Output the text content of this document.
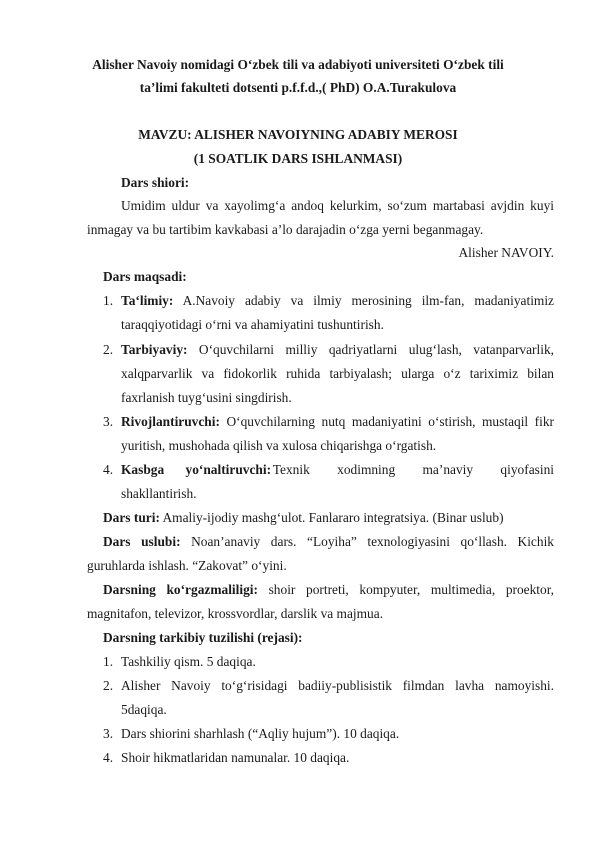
Alisher Navoiy nomidagi O‘zbek tili va adabiyoti universiteti O‘zbek tili
ta’limi fakulteti dotsenti p.f.f.d.,( PhD) O.A.Turakulova
MAVZU: ALISHER NAVOIYNING ADABIY MEROSI
(1 SOATLIK DARS ISHLANMASI)
Dars shiori:
Umidim uldur va xayolimg‘a andoq kelurkim, so‘zum martabasi avjdin kuyi
inmagay va bu tartibim kavkabasi a’lo darajadin o‘zga yerni beganmagay.
Alisher NAVOIY.
Dars maqsadi:
1. Ta‘limiy: A.Navoiy adabiy va ilmiy merosining ilm-fan, madaniyatimiz
taraqqiyotidagi o‘rni va ahamiyatini tushuntirish.
2. Tarbiyaviy: O‘quvchilarni milliy qadriyatlarni ulug‘lash, vatanparvarlik,
xalqparvarlik va fidokorlik ruhida tarbiyalash; ularga o‘z tariximiz bilan
faxrlanish tuyg‘usini singdirish.
3. Rivojlantiruvchi: O‘quvchilarning nutq madaniyatini o‘stirish, mustaqil fikr
yuritish, mushohada qilish va xulosa chiqarishga o‘rgatish.
4. Kasbga yo‘naltiruvchi: Texnik xodimning ma’naviy qiyofasini
shakllantirish.
Dars turi: Amaliy-ijodiy mashg‘ulot. Fanlararo integratsiya. (Binar uslub)
Dars uslubi: Noan’anaviy dars. “Loyiha” texnologiyasini qo‘llash. Kichik
guruhlarda ishlash. “Zakovat” o‘yini.
Darsning ko‘rgazmaliligi: shoir portreti, kompyuter, multimedia, proektor,
magnitafon, televizor, krossvordlar, darslik va majmua.
Darsning tarkibiy tuzilishi (rejasi):
1. Tashkiliy qism. 5 daqiqa.
2. Alisher Navoiy to‘g‘risidagi badiiy-publisistik filmdan lavha namoyishi.
5daqiqa.
3. Dars shiorini sharhlash (“Aqliy hujum”). 10 daqiqa.
4. Shoir hikmatlaridan namunalar. 10 daqiqa.
